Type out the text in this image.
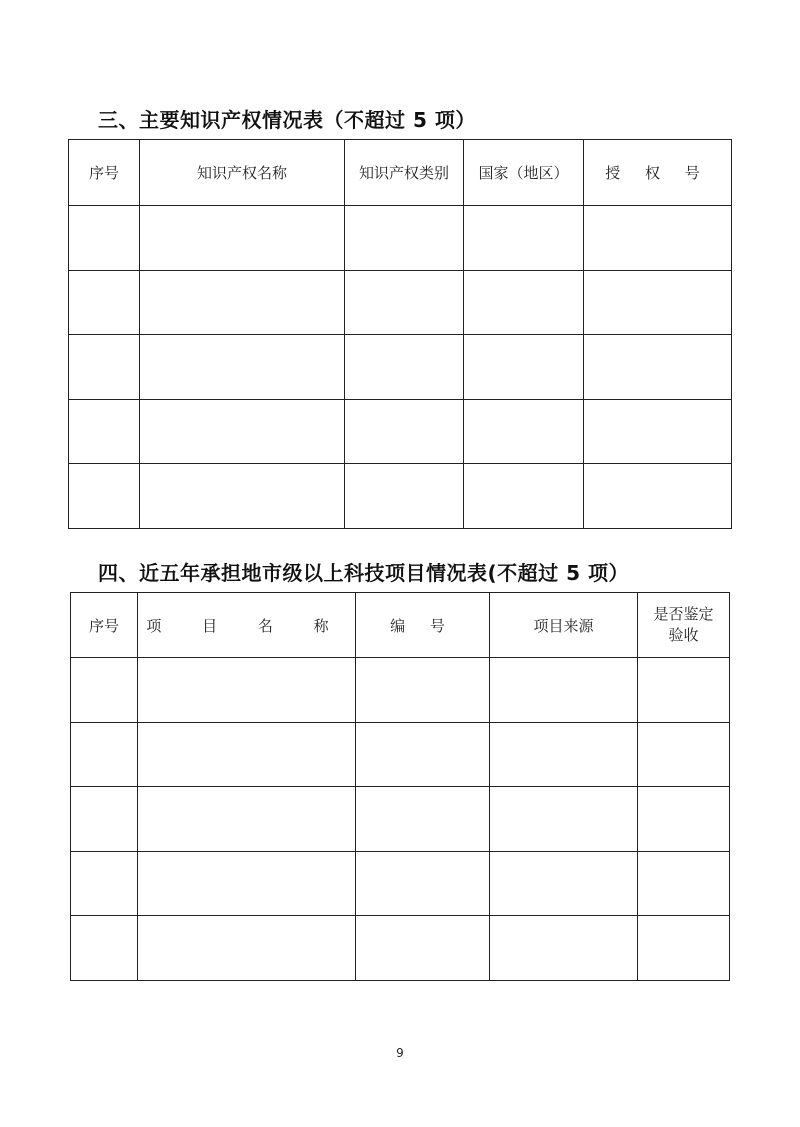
三、主要知识产权情况表（不超过 5 项）
序号	知识产权名称	知识产权类别	国家（地区）	授 权 号

四、近五年承担地市级以上科技项目情况表(不超过 5 项）
序号	项 目 名 称	编 号	项目来源	是否鉴定
验收

9
